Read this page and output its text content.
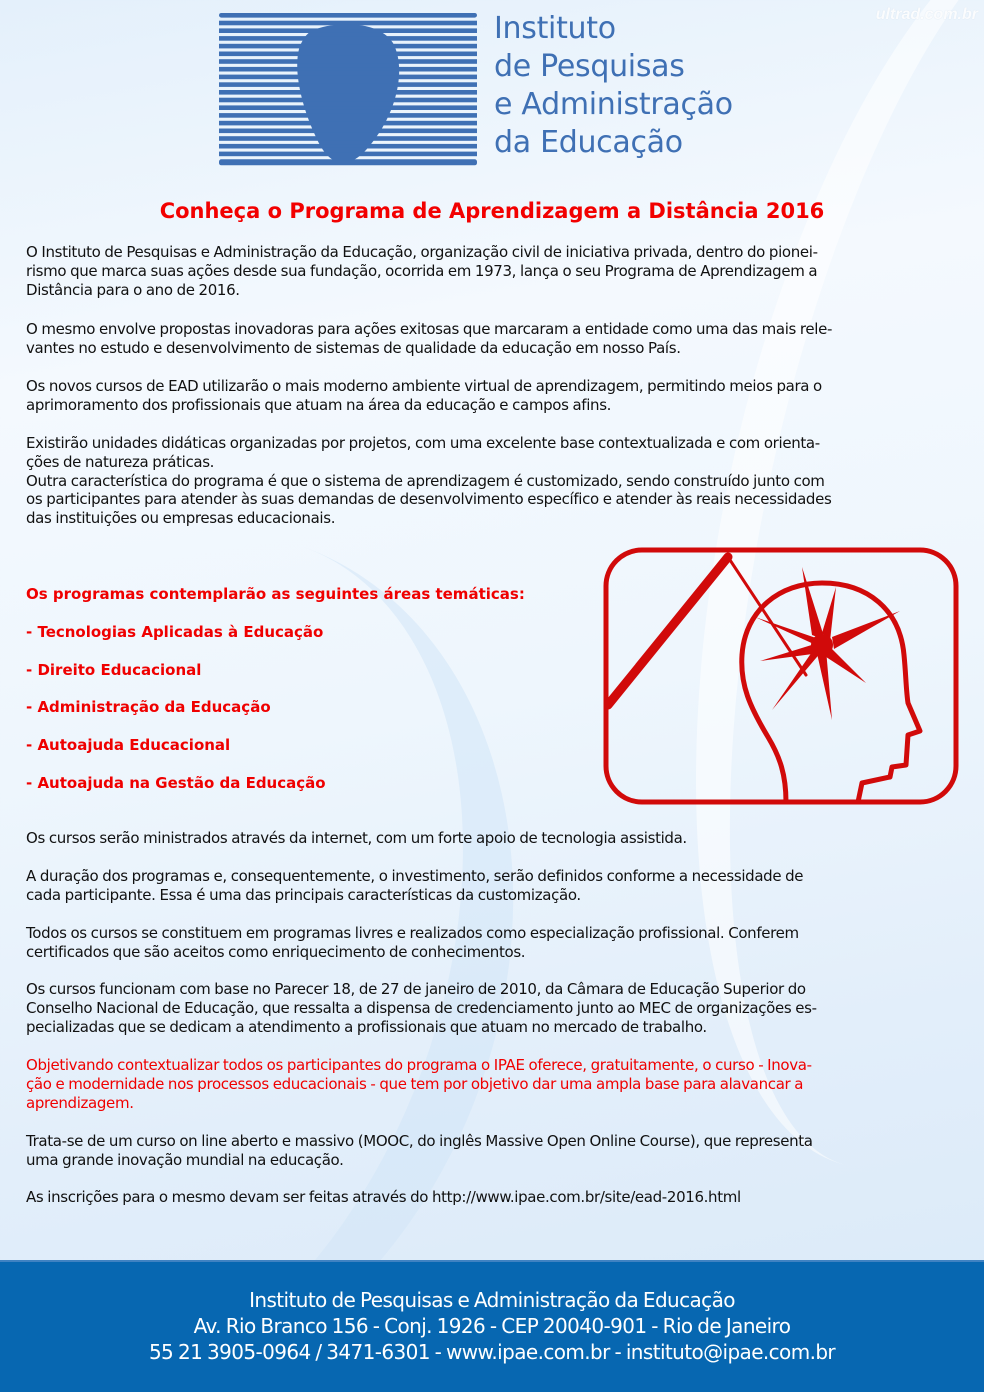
ultrad.com.br
Instituto
de Pesquisas
e Administração
da Educação
Conheça o Programa de Aprendizagem a Distância 2016
O Instituto de Pesquisas e Administração da Educação, organização civil de iniciativa privada, dentro do pionei-
rismo que marca suas ações desde sua fundação, ocorrida em 1973, lança o seu Programa de Aprendizagem a
Distância para o ano de 2016.
O mesmo envolve propostas inovadoras para ações exitosas que marcaram a entidade como uma das mais rele-
vantes no estudo e desenvolvimento de sistemas de qualidade da educação em nosso País.
Os novos cursos de EAD utilizarão o mais moderno ambiente virtual de aprendizagem, permitindo meios para o
aprimoramento dos profissionais que atuam na área da educação e campos afins.
Existirão unidades didáticas organizadas por projetos, com uma excelente base contextualizada e com orienta-
ções de natureza práticas.
Outra característica do programa é que o sistema de aprendizagem é customizado, sendo construído junto com
os participantes para atender às suas demandas de desenvolvimento específico e atender às reais necessidades
das instituições ou empresas educacionais.
Os programas contemplarão as seguintes áreas temáticas:
- Tecnologias Aplicadas à Educação
- Direito Educacional
- Administração da Educação
- Autoajuda Educacional
- Autoajuda na Gestão da Educação
Os cursos serão ministrados através da internet, com um forte apoio de tecnologia assistida.
A duração dos programas e, consequentemente, o investimento, serão definidos conforme a necessidade de
cada participante. Essa é uma das principais características da customização.
Todos os cursos se constituem em programas livres e realizados como especialização profissional. Conferem
certificados que são aceitos como enriquecimento de conhecimentos.
Os cursos funcionam com base no Parecer 18, de 27 de janeiro de 2010, da Câmara de Educação Superior do
Conselho Nacional de Educação, que ressalta a dispensa de credenciamento junto ao MEC de organizações es-
pecializadas que se dedicam a atendimento a profissionais que atuam no mercado de trabalho.
Objetivando contextualizar todos os participantes do programa o IPAE oferece, gratuitamente, o curso - Inova-
ção e modernidade nos processos educacionais - que tem por objetivo dar uma ampla base para alavancar a
aprendizagem.
Trata-se de um curso on line aberto e massivo (MOOC, do inglês Massive Open Online Course), que representa
uma grande inovação mundial na educação.
As inscrições para o mesmo devam ser feitas através do http://www.ipae.com.br/site/ead-2016.html
Instituto de Pesquisas e Administração da Educação
Av. Rio Branco 156 - Conj. 1926 - CEP 20040-901 - Rio de Janeiro
55 21 3905-0964 / 3471-6301 - www.ipae.com.br - instituto@ipae.com.br
